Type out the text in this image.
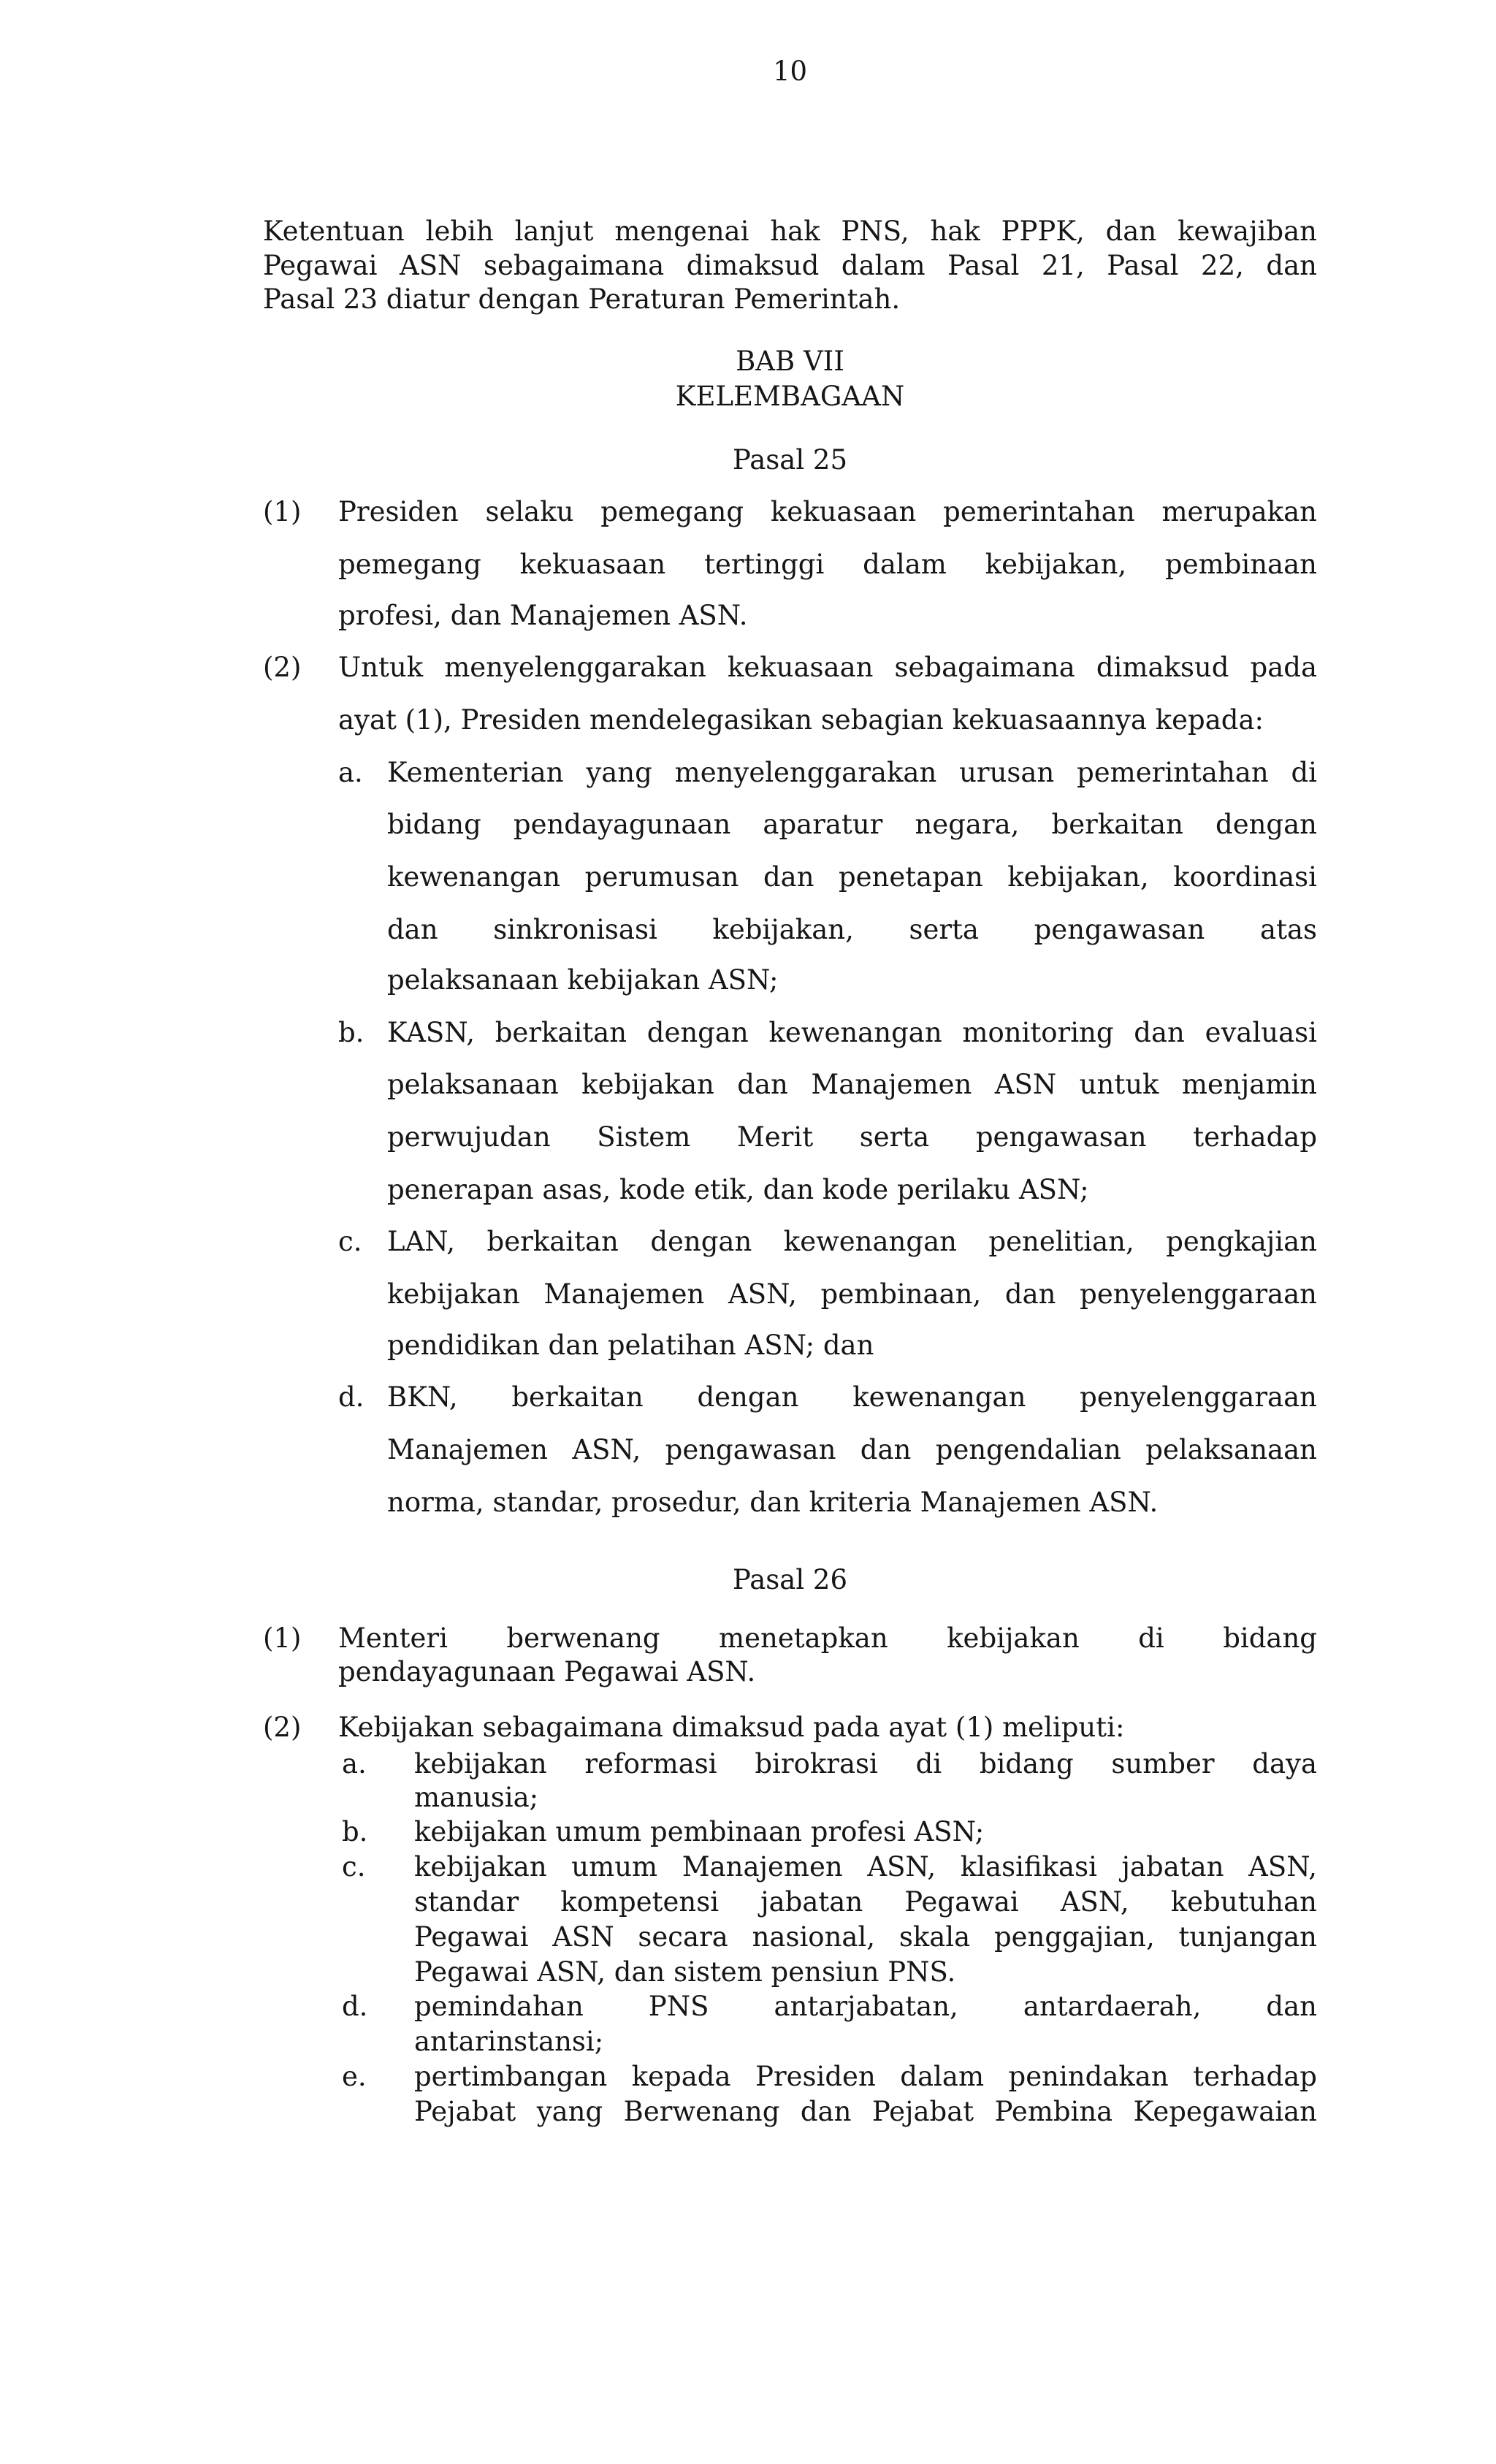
10
Ketentuan lebih lanjut mengenai hak PNS, hak PPPK, dan kewajiban
Pegawai ASN sebagaimana dimaksud dalam Pasal 21, Pasal 22, dan
Pasal 23 diatur dengan Peraturan Pemerintah.
BAB VII
KELEMBAGAAN
Pasal 25
(1)	Presiden selaku pemegang kekuasaan pemerintahan merupakan
pemegang kekuasaan tertinggi dalam kebijakan, pembinaan
profesi, dan Manajemen ASN.
(2)	Untuk menyelenggarakan kekuasaan sebagaimana dimaksud pada
ayat (1), Presiden mendelegasikan sebagian kekuasaannya kepada:
a. Kementerian yang menyelenggarakan urusan pemerintahan di
bidang pendayagunaan aparatur negara, berkaitan dengan
kewenangan perumusan dan penetapan kebijakan, koordinasi
dan sinkronisasi kebijakan, serta pengawasan atas
pelaksanaan kebijakan ASN;
b. KASN, berkaitan dengan kewenangan monitoring dan evaluasi
pelaksanaan kebijakan dan Manajemen ASN untuk menjamin
perwujudan Sistem Merit serta pengawasan terhadap
penerapan asas, kode etik, dan kode perilaku ASN;
c. LAN, berkaitan dengan kewenangan penelitian, pengkajian
kebijakan Manajemen ASN, pembinaan, dan penyelenggaraan
pendidikan dan pelatihan ASN; dan
d. BKN, berkaitan dengan kewenangan penyelenggaraan
Manajemen ASN, pengawasan dan pengendalian pelaksanaan
norma, standar, prosedur, dan kriteria Manajemen ASN.
Pasal 26
(1)	Menteri berwenang menetapkan kebijakan di bidang
pendayagunaan Pegawai ASN.
(2)	Kebijakan sebagaimana dimaksud pada ayat (1) meliputi:
a.	kebijakan reformasi birokrasi di bidang sumber daya
manusia;
b.	kebijakan umum pembinaan profesi ASN;
c.	kebijakan umum Manajemen ASN, klasifikasi jabatan ASN,
standar kompetensi jabatan Pegawai ASN, kebutuhan
Pegawai ASN secara nasional, skala penggajian, tunjangan
Pegawai ASN, dan sistem pensiun PNS.
d.	pemindahan PNS antarjabatan, antardaerah, dan
antarinstansi;
e.	pertimbangan kepada Presiden dalam penindakan terhadap
Pejabat yang Berwenang dan Pejabat Pembina Kepegawaian
